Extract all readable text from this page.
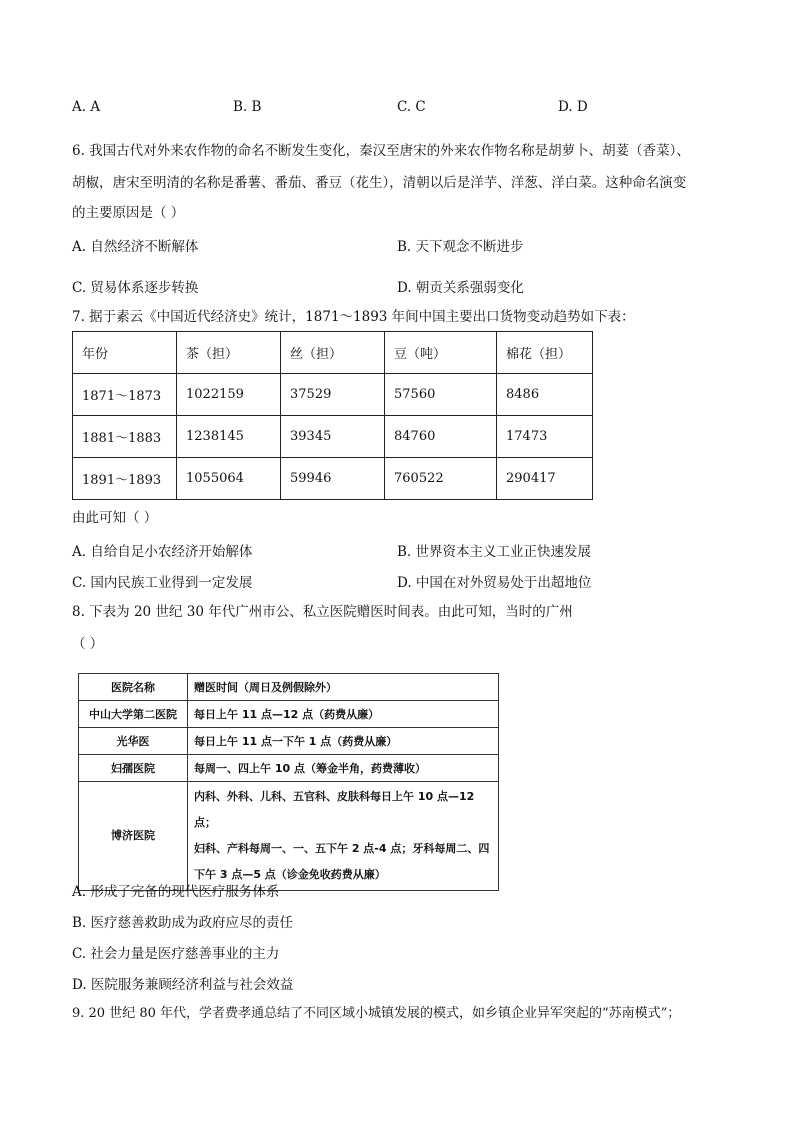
A. A	B. B	C. C	D. D
6. 我国古代对外来农作物的命名不断发生变化，秦汉至唐宋的外来农作物名称是胡萝卜、胡荽（香菜）、
胡椒，唐宋至明清的名称是番薯、番茄、番豆（花生），清朝以后是洋芋、洋葱、洋白菜。这种命名演变
的主要原因是（ ）
A. 自然经济不断解体	B. 天下观念不断进步
C. 贸易体系逐步转换	D. 朝贡关系强弱变化
7. 据于素云《中国近代经济史》统计，1871～1893 年间中国主要出口货物变动趋势如下表：
年份	茶（担）	丝（担）	豆（吨）	棉花（担）
1871～1873	1022159	37529	57560	8486
1881～1883	1238145	39345	84760	17473
1891～1893	1055064	59946	760522	290417
由此可知（ ）
A. 自给自足小农经济开始解体	B. 世界资本主义工业正快速发展
C. 国内民族工业得到一定发展	D. 中国在对外贸易处于出超地位
8. 下表为 20 世纪 30 年代广州市公、私立医院赠医时间表。由此可知，当时的广州
（ ）
医院名称	赠医时间（周日及例假除外）
中山大学第二医院	每日上午 11 点—12 点（药费从廉）
光华医	每日上午 11 点一下午 1 点（药费从廉）
妇孺医院	每周一、四上午 10 点（筹金半角，药费薄收）
博济医院	内科、外科、儿科、五官科、皮肤科每日上午 10 点—12 点；
妇科、产科每周一、一、五下午 2 点-4 点；牙科每周二、四
下午 3 点—5 点（诊金免收药费从廉）
A. 形成了完备的现代医疗服务体系
B. 医疗慈善救助成为政府应尽的责任
C. 社会力量是医疗慈善事业的主力
D. 医院服务兼顾经济利益与社会效益
9. 20 世纪 80 年代，学者费孝通总结了不同区域小城镇发展的模式，如乡镇企业异军突起的“苏南模式”；
